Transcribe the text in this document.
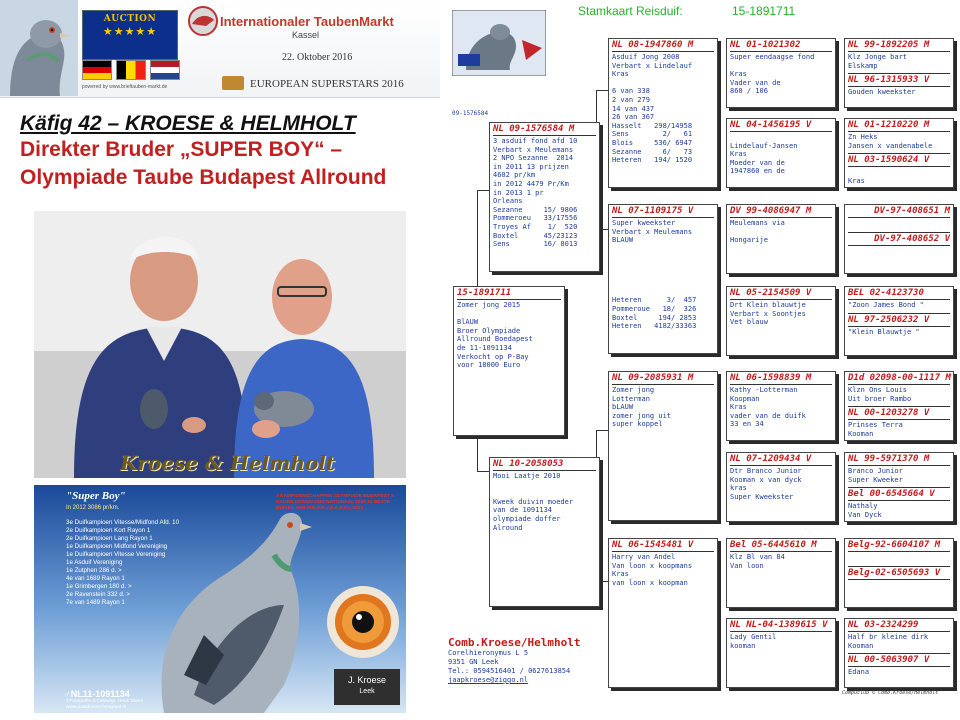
AUCTION
★★★★★
powered by www.brieftauben-markt.de
Internationaler TaubenMarkt
Kassel
22. Oktober 2016
EUROPEAN SUPERSTARS 2016
Käfig 42 – KROESE & HELMHOLT
Direkter Bruder „SUPER BOY“ –
Olympiade Taube Budapest Allround
Kroese & Helmholt
"Super Boy"
In 2012 3086 pr/km.
3e Duifkampioen Vitesse/Midfond Afd. 10
2e Duifkampioen Kort Rayon 1
2e Duifkampioen Lang Rayon 1
1e Duifkampioen Midfond Vereniging
1e Duifkampioen Vitesse Vereniging
1e Asduif Vereniging
1e Zutphen 286 d. >
4e van 1689 Rayon 1
1e Grimbergen 180 d. >
2e Ravenstein 332 d. >
7e van 1489 Rayon 1
3 KAMPIOENSCHAPPEN OLYMPIADE BUDAPEST 5 DAGEN DUIVEN OUD NATIONAAL 2009 10 BESTE DUIVEN VAN W.E.S.R. / Z.A.Z.T.V. 2013
♂NL11-1091134
©Fotografie & Ontwerp: Henk Storm
www.postduiven-fotograaf.nl
J. Kroese
Leek
Stamkaart Reisduif:	15-1891711
09-1576584
15-1891711
Zomer jong 2015

BlAUW
Broer Olympiade
Allround Boedapest
de 11-1091134
Verkocht op P-Bay
voor 18000 Euro
NL 09-1576584 M
3 asduif fond afd 10
Verbart x Meulemans
2 NPO Sezanne  2014
in 2011 13 prijzen
4602 pr/km
in 2012 4479 Pr/Km
in 2013 1 pr
Orleans
Sezanne     15/ 9806
Pommeroeu   33/17556
Troyes Af    1/  520
Boxtel      45/23123
Sens        16/ 8013
NL 10-2058053
Mooi Laatje 2010

Kweek duivin moeder
van de 1091134
olympiade doffer
Alround
NL 08-1947860 M
Asduif Jong 2008
Verbart x Lindelauf
Kras

6 van 338
2 van 279
14 van 437
26 van 367
Hasselt   298/14958
Sens        2/   61
Blois     536/ 6947
Sezanne     6/   73
Heteren   194/ 1520
NL 07-1109175 V
Super kweekster
Verbart x Meulemans
BLAUW

Heteren      3/  457
Pommeroue   18/  326
Boxtel     194/ 2853
Heteren   4182/33363
NL 09-2085931 M
Zomer jong
Lotterman
bLAUW
zomer jong uit
super koppel
NL 06-1545481 V
Harry van Andel
Van loon x koopmans
Kras
van loon x koopman
NL 01-1021302
Super eendaagse fond

Kras
Vader van de
860 / 106
NL 04-1456195 V

Lindelauf-Jansen
Kras
Moeder van de
1947860 en de
DV 99-4086947 M
Meulemans via

Hongarije
NL 05-2154509 V
Drt Klein blauwtje
Verbart x Soontjes
Vet blauw
NL 06-1598839 M
Kathy -Lotterman
Koopman
Kras
vader van de duifk
33 en 34
NL 07-1209434 V
Dtr Branco Junior
Kooman x van dyck
kras
Super Kweekster
Bel 05-6445610 M
Klz Bl van 84
Van loon
NL NL-04-1389615 V
Lady Gentil
kooman
NL 99-1892205 M
Klz Jonge bart
Elskamp
NL 96-1315933 V
Gouden kweekster
NL 01-1210220 M
Zn Heks
Jansen x vandenabele
NL 03-1590624 V

Kras
DV-97-408651 M
DV-97-408652 V
BEL 02-4123730
"Zoon James Bond "
NL 97-2506232 V
"Klein Blauwtje "
D1d 02098-00-1117 M
Klzn Ons Louis
Uit broer Rambo
NL 00-1203278 V
Prinses Terra
Kooman
NL 99-5971370 M
Branco Junior
Super Kweeker
Bel 00-6545664 V
Nathaly
Van Dyck
Belg-92-6604107 M
Belg-02-6505693 V
NL 03-2324299
Half br kleine dirk
Kooman
NL 00-5063907 V
Edana
Comb.Kroese/Helmholt
Corelhieronymus L 5
9351 GN Leek
Tel.: 0594516401 / 0627613854
jaapkroese@ziggo.nl
Compuclub © Comb.Kroese/Helmholt
